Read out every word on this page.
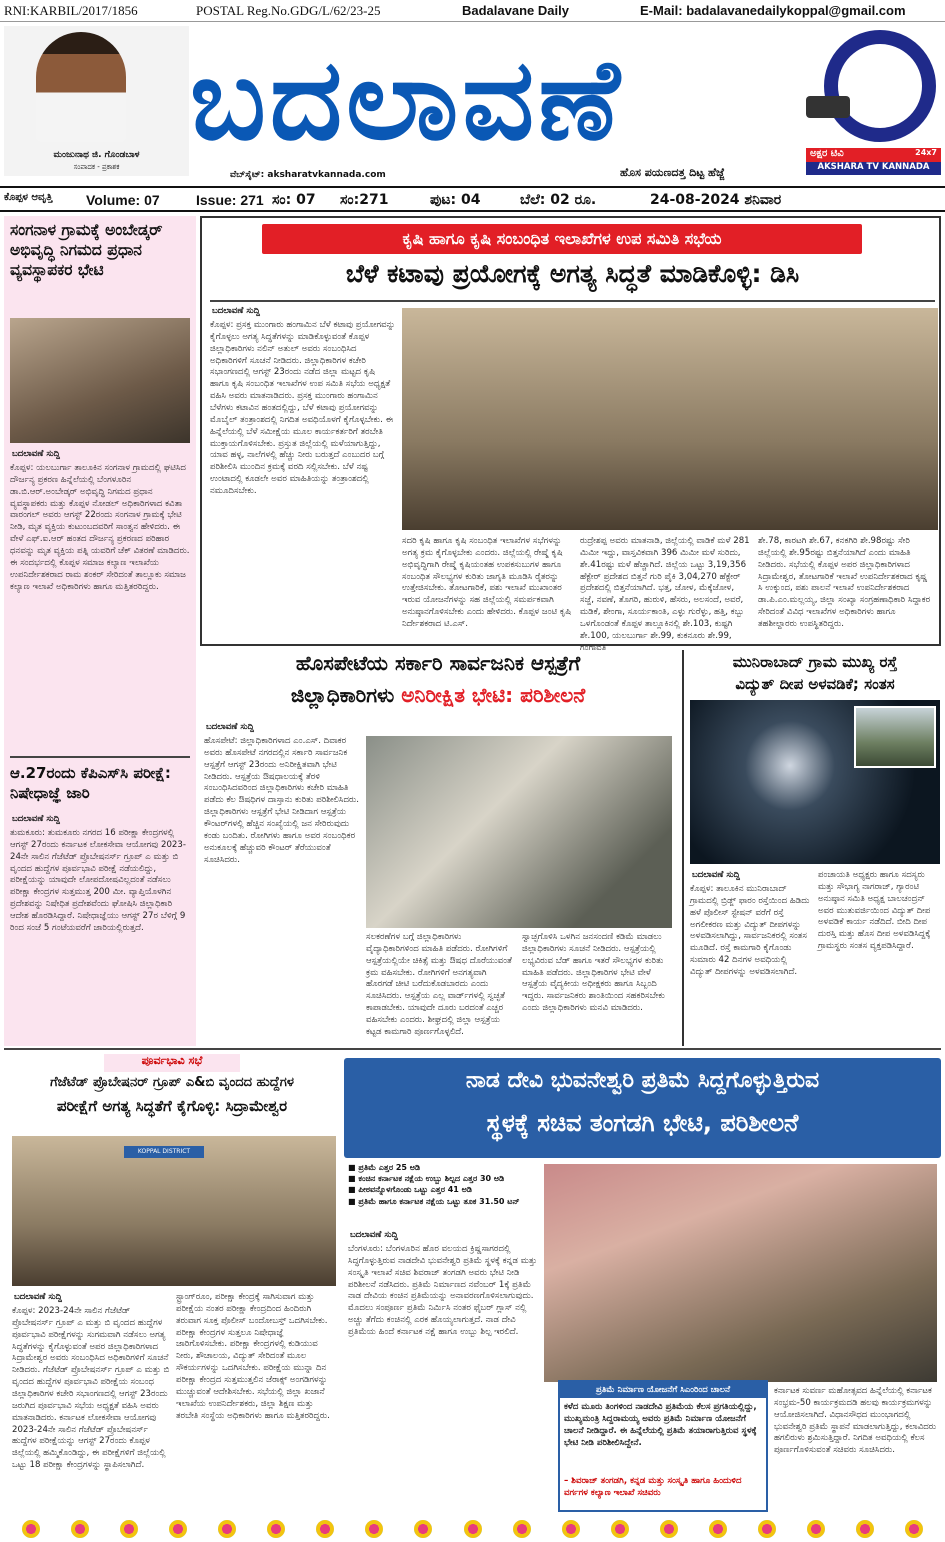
RNI:KARBIL/2017/1856	POSTAL Reg.No.GDG/L/62/23-25	Badalavane Daily	E-Mail: badalavanedailykoppal@gmail.com
ಮಂಜುನಾಥ ಜಿ. ಗೊಂಡಬಾಳ
ಸಂಪಾದಕ - ಪ್ರಕಾಶಕ
ಬದಲಾವಣೆ
ವೆಬ್‌ಸೈಟ್: aksharatvkannada.com	ಹೊಸ ಪಯಣದತ್ತ ದಿಟ್ಟ ಹೆಜ್ಜೆ
ಅಕ್ಷರ ಟಿವಿ	24x7
AKSHARA TV KANNADA
ಕೊಪ್ಪಳ ಆವೃತ್ತಿ Volume: 07	Issue: 271 ಸಂ: 07 ಸಂ:271	ಪುಟ: 04	ಬೆಲೆ: 02 ರೂ.	24-08-2024 ಶನಿವಾರ
ಸಂಗನಾಳ ಗ್ರಾಮಕ್ಕೆ ಅಂಬೇಡ್ಕರ್ ಅಭಿವೃದ್ಧಿ ನಿಗಮದ ಪ್ರಧಾನ ವ್ಯವಸ್ಥಾಪಕರ ಭೇಟಿ
ಬದಲಾವಣೆ ಸುದ್ದಿ
ಕೊಪ್ಪಳ: ಯಲಬುರ್ಗಾ ತಾಲೂಕಿನ ಸಂಗನಾಳ ಗ್ರಾಮದಲ್ಲಿ ಘಟಿಸಿದ ದೌರ್ಜನ್ಯ ಪ್ರಕರಣ ಹಿನ್ನೆಲೆಯಲ್ಲಿ ಬೆಂಗಳೂರಿನ ಡಾ.ಬಿ.ಆರ್.ಅಂಬೇಡ್ಕರ್ ಅಭಿವೃದ್ಧಿ ನಿಗಮದ ಪ್ರಧಾನ ವ್ಯವಸ್ಥಾಪಕರು ಮತ್ತು ಕೊಪ್ಪಳ ನೋಡಲ್ ಅಧಿಕಾರಿಗಳಾದ ಕವಿತಾ ವಾರಂಗಲ್ ಅವರು ಆಗಸ್ಟ್ 22ರಂದು ಸಂಗನಾಳ ಗ್ರಾಮಕ್ಕೆ ಭೇಟಿ ನೀಡಿ, ಮೃತ ವ್ಯಕ್ತಿಯ ಕುಟುಂಬದವರಿಗೆ ಸಾಂತ್ವನ ಹೇಳಿದರು. ಈ ವೇಳೆ ಎಫ್.ಐ.ಆರ್ ಹಂತದ ದೌರ್ಜನ್ಯ ಪ್ರಕರಣದ ಪರಿಹಾರ ಧನವನ್ನು ಮೃತ ವ್ಯಕ್ತಿಯ ಪತ್ನಿ ಯವರಿಗೆ ಚೆಕ್ ವಿತರಣೆ ಮಾಡಿದರು. ಈ ಸಂದರ್ಭದಲ್ಲಿ ಕೊಪ್ಪಳ ಸಮಾಜ ಕಲ್ಯಾಣ ಇಲಾಖೆಯ ಉಪನಿರ್ದೇಶಕರಾದ ರಾಮ ಶಂಕರ್ ಸೇರಿದಂತೆ ತಾಲ್ಲೂಕು ಸಮಾಜ ಕಲ್ಯಾಣ ಇಲಾಖೆ ಅಧಿಕಾರಿಗಳು ಹಾಗೂ ಮತ್ತಿತರರಿದ್ದರು.
ಆ.27ರಂದು ಕೆಪಿಎಸ್‌ಸಿ ಪರೀಕ್ಷೆ: ನಿಷೇಧಾಜ್ಞೆ ಜಾರಿ
ಬದಲಾವಣೆ ಸುದ್ದಿ
ತುಮಕೂರು: ತುಮಕೂರು ನಗರದ 16 ಪರೀಕ್ಷಾ ಕೇಂದ್ರಗಳಲ್ಲಿ ಆಗಸ್ಟ್ 27ರಂದು ಕರ್ನಾಟಕ ಲೋಕಸೇವಾ ಆಯೋಗವು 2023-24ನೇ ಸಾಲಿನ ಗೆಜೆಟೆಡ್ ಪ್ರೊಬೇಷನರ್ಸ್ ಗ್ರೂಪ್ ಎ ಮತ್ತು ಬಿ ವೃಂದದ ಹುದ್ದೆಗಳ ಪೂರ್ವಭಾವಿ ಪರೀಕ್ಷೆ ನಡೆಯಲಿದ್ದು, ಪರೀಕ್ಷೆಯನ್ನು ಯಾವುದೇ ಲೋಪದೋಷವಿಲ್ಲದಂತೆ ನಡೆಸಲು ಪರೀಕ್ಷಾ ಕೇಂದ್ರಗಳ ಸುತ್ತಮುತ್ತ 200 ಮೀ. ವ್ಯಾಪ್ತಿಯೊಳಗಿನ ಪ್ರದೇಶವನ್ನು ನಿಷೇಧಿತ ಪ್ರದೇಶವೆಂದು ಘೋಷಿಸಿ ಜಿಲ್ಲಾಧಿಕಾರಿ ಆದೇಶ ಹೊರಡಿಸಿದ್ದಾರೆ. ನಿಷೇಧಾಜ್ಞೆಯು ಆಗಸ್ಟ್ 27ರ ಬೆಳಿಗ್ಗೆ 9 ರಿಂದ ಸಂಜೆ 5 ಗಂಟೆಯವರೆಗೆ ಜಾರಿಯಲ್ಲಿರುತ್ತದೆ.
ಕೃಷಿ ಹಾಗೂ ಕೃಷಿ ಸಂಬಂಧಿತ ಇಲಾಖೆಗಳ ಉಪ ಸಮಿತಿ ಸಭೆಯ
ಬೆಳೆ ಕಟಾವು ಪ್ರಯೋಗಕ್ಕೆ ಅಗತ್ಯ ಸಿದ್ಧತೆ ಮಾಡಿಕೊಳ್ಳಿ: ಡಿಸಿ
ಬದಲಾವಣೆ ಸುದ್ದಿ
ಕೊಪ್ಪಳ: ಪ್ರಸಕ್ತ ಮುಂಗಾರು ಹಂಗಾಮಿನ ಬೆಳೆ ಕಟಾವು ಪ್ರಯೋಗವನ್ನು ಕೈಗೊಳ್ಳಲು ಅಗತ್ಯ ಸಿದ್ಧತೆಗಳನ್ನು ಮಾಡಿಕೊಳ್ಳುವಂತೆ ಕೊಪ್ಪಳ ಜಿಲ್ಲಾಧಿಕಾರಿಗಳು ನಲಿನ್ ಅತುಲ್ ಅವರು ಸಂಬಂಧಿಸಿದ ಅಧಿಕಾರಿಗಳಿಗೆ ಸೂಚನೆ ನೀಡಿದರು. ಜಿಲ್ಲಾಧಿಕಾರಿಗಳ ಕಚೇರಿ ಸಭಾಂಗಣದಲ್ಲಿ ಆಗಸ್ಟ್ 23ರಂದು ನಡೆದ ಜಿಲ್ಲಾ ಮಟ್ಟದ ಕೃಷಿ ಹಾಗೂ ಕೃಷಿ ಸಂಬಂಧಿತ ಇಲಾಖೆಗಳ ಉಪ ಸಮಿತಿ ಸಭೆಯ ಅಧ್ಯಕ್ಷತೆ ವಹಿಸಿ ಅವರು ಮಾತನಾಡಿದರು. ಪ್ರಸಕ್ತ ಮುಂಗಾರು ಹಂಗಾಮಿನ ಬೆಳೆಗಳು ಕಟಾವಿನ ಹಂತದಲ್ಲಿದ್ದು, ಬೆಳೆ ಕಟಾವು ಪ್ರಯೋಗವನ್ನು ಮೊಬೈಲ್ ತಂತ್ರಾಂಶದಲ್ಲಿ ನಿಗದಿತ ಅವಧಿಯೊಳಗೆ ಕೈಗೊಳ್ಳಬೇಕು. ಈ ಹಿನ್ನೆಲೆಯಲ್ಲಿ ಬೆಳೆ ಸಮೀಕ್ಷೆಯ ಮೂಲ ಕಾರ್ಯಕರ್ತರಿಗೆ ತರಬೇತಿ ಮುಕ್ತಾಯಗೊಳಿಸಬೇಕು. ಪ್ರಸ್ತುತ ಜಿಲ್ಲೆಯಲ್ಲಿ ಮಳೆಯಾಗುತ್ತಿದ್ದು, ಯಾವ ಹಳ್ಳ, ನಾಲೆಗಳಲ್ಲಿ ಹೆಚ್ಚು ನೀರು ಬರುತ್ತದೆ ಎಂಬುದರ ಬಗ್ಗೆ ಪರಿಶೀಲಿಸಿ ಮುಂದಿನ ಕ್ರಮಕ್ಕೆ ವರದಿ ಸಲ್ಲಿಸಬೇಕು. ಬೆಳೆ ನಷ್ಟ ಉಂಟಾದಲ್ಲಿ ಕೂಡಲೇ ಅವರ ಮಾಹಿತಿಯನ್ನು ತಂತ್ರಾಂಶದಲ್ಲಿ ನಮೂದಿಸಬೇಕು.
ಸದರಿ ಕೃಷಿ ಹಾಗೂ ಕೃಷಿ ಸಂಬಂಧಿತ ಇಲಾಖೆಗಳ ಸಭೆಗಳನ್ನು ಅಗತ್ಯ ಕ್ರಮ ಕೈಗೊಳ್ಳಬೇಕು ಎಂದರು. ಜಿಲ್ಲೆಯಲ್ಲಿ ರೇಷ್ಮೆ ಕೃಷಿ ಅಭಿವೃದ್ಧಿಗಾಗಿ ರೇಷ್ಮೆ ಕೃಷಿಯಂತಹ ಉಪಕಸುಬುಗಳ ಹಾಗೂ ಸಂಬಂಧಿತ ಸೌಲಭ್ಯಗಳ ಕುರಿತು ಜಾಗೃತಿ ಮೂಡಿಸಿ ರೈತರನ್ನು ಉತ್ತೇಜಿಸಬೇಕು. ತೋಟಗಾರಿಕೆ, ಪಶು ಇಲಾಖೆ ಮುಖಾಂತರ ಇರುವ ಯೋಜನೆಗಳನ್ನು ಸಹ ಜಿಲ್ಲೆಯಲ್ಲಿ ಸಮರ್ಪಕವಾಗಿ ಅನುಷ್ಠಾನಗೊಳಿಸಬೇಕು ಎಂದು ಹೇಳಿದರು. ಕೊಪ್ಪಳ ಜಂಟಿ ಕೃಷಿ ನಿರ್ದೇಶಕರಾದ ಟಿ.ಎಸ್.
ರುದ್ರೇಶಪ್ಪ ಅವರು ಮಾತನಾಡಿ, ಜಿಲ್ಲೆಯಲ್ಲಿ ವಾಡಿಕೆ ಮಳೆ 281 ಮಿಮೀ ಇದ್ದು, ವಾಸ್ತವಿಕವಾಗಿ 396 ಮಿಮೀ ಮಳೆ ಸುರಿದು, ಶೇ.41ರಷ್ಟು ಮಳೆ ಹೆಚ್ಚಾಗಿದೆ. ಜಿಲ್ಲೆಯ ಒಟ್ಟು 3,19,356 ಹೆಕ್ಟೇರ್ ಪ್ರದೇಶದ ಬಿತ್ತನೆ ಗುರಿ ಪೈಕಿ 3,04,270 ಹೆಕ್ಟೇರ್ ಪ್ರದೇಶದಲ್ಲಿ ಬಿತ್ತನೆಯಾಗಿದೆ. ಭತ್ತ, ಜೋಳ, ಮೆಕ್ಕೆಜೋಳ, ಸಜ್ಜೆ, ನವಣೆ, ತೊಗರಿ, ಹುರುಳಿ, ಹೆಸರು, ಅಲಸಂದೆ, ಅವರೆ, ಮಡಿಕೆ, ಶೇಂಗಾ, ಸೂರ್ಯಕಾಂತಿ, ಎಳ್ಳು ಗುರೆಳ್ಳು, ಹತ್ತಿ, ಕಬ್ಬು ಒಳಗೊಂಡಂತೆ ಕೊಪ್ಪಳ ತಾಲ್ಲೂಕಿನಲ್ಲಿ ಶೇ.103, ಕುಷ್ಟಗಿ ಶೇ.100, ಯಲಬುರ್ಗಾ ಶೇ.99, ಕುಕನೂರು ಶೇ.99, ಗಂಗಾವತಿ
ಶೇ.78, ಕಾರಟಗಿ ಶೇ.67, ಕನಕಗಿರಿ ಶೇ.98ರಷ್ಟು ಸೇರಿ ಜಿಲ್ಲೆಯಲ್ಲಿ ಶೇ.95ರಷ್ಟು ಬಿತ್ತನೆಯಾಗಿದೆ ಎಂದು ಮಾಹಿತಿ ನೀಡಿದರು. ಸಭೆಯಲ್ಲಿ ಕೊಪ್ಪಳ ಅಪರ ಜಿಲ್ಲಾಧಿಕಾರಿಗಳಾದ ಸಿದ್ರಾಮೇಶ್ವರ, ತೋಟಗಾರಿಕೆ ಇಲಾಖೆ ಉಪನಿರ್ದೇಶಕರಾದ ಕೃಷ್ಣ ಸಿ ಉಕ್ಕುಂದ, ಪಶು ಪಾಲನೆ ಇಲಾಖೆ ಉಪನಿರ್ದೇಶಕರಾದ ಡಾ.ಪಿ.ಎಂ.ಮಲ್ಲಯ್ಯ, ಜಿಲ್ಲಾ ಸಂಖ್ಯಾ ಸಂಗ್ರಹಣಾಧಿಕಾರಿ ಸಿದ್ದಾಕರ ಸೇರಿದಂತೆ ವಿವಿಧ ಇಲಾಖೆಗಳ ಅಧಿಕಾರಿಗಳು ಹಾಗೂ ತಹಶೀಲ್ದಾರರು ಉಪಸ್ಥಿತರಿದ್ದರು.
ಹೊಸಪೇಟೆಯ ಸರ್ಕಾರಿ ಸಾರ್ವಜನಿಕ ಆಸ್ಪತ್ರೆಗೆ
ಜಿಲ್ಲಾಧಿಕಾರಿಗಳು ಅನಿರೀಕ್ಷಿತ ಭೇಟಿ: ಪರಿಶೀಲನೆ
ಬದಲಾವಣೆ ಸುದ್ದಿ
ಹೊಸಪೇಟೆ: ಜಿಲ್ಲಾಧಿಕಾರಿಗಳಾದ ಎಂ.ಎಸ್. ದಿವಾಕರ ಅವರು ಹೊಸಪೇಟೆ ನಗರದಲ್ಲಿನ ಸರ್ಕಾರಿ ಸಾರ್ವಜನಿಕ ಆಸ್ಪತ್ರೆಗೆ ಆಗಸ್ಟ್ 23ರಂದು ಅನಿರೀಕ್ಷಿತವಾಗಿ ಭೇಟಿ ನೀಡಿದರು. ಆಸ್ಪತ್ರೆಯ ಔಷಧಾಲಯಕ್ಕೆ ತೆರಳಿ ಸಂಬಂಧಿಸಿದವರಿಂದ ಜಿಲ್ಲಾಧಿಕಾರಿಗಳು ಕಚೇರಿ ಮಾಹಿತಿ ಪಡೆದು ಕೆಲ ಔಷಧಿಗಳ ದಾಸ್ತಾನು ಕುರಿತು ಪರಿಶೀಲಿಸಿದರು. ಜಿಲ್ಲಾಧಿಕಾರಿಗಳು ಆಸ್ಪತ್ರೆಗೆ ಭೇಟಿ ನೀಡಿದಾಗ ಆಸ್ಪತ್ರೆಯ ಕೌಂಟರ್‌ಗಳಲ್ಲಿ ಹೆಚ್ಚಿನ ಸಂಖ್ಯೆಯಲ್ಲಿ ಜನ ಸೇರಿರುವುದು ಕಂಡು ಬಂದಿತು. ರೋಗಿಗಳು ಹಾಗೂ ಅವರ ಸಂಬಂಧಿಕರ ಅನುಕೂಲಕ್ಕೆ ಹೆಚ್ಚುವರಿ ಕೌಂಟರ್ ತೆರೆಯುವಂತೆ ಸೂಚಿಸಿದರು.
ಸಲಕರಣೆಗಳ ಬಗ್ಗೆ ಜಿಲ್ಲಾಧಿಕಾರಿಗಳು ವೈದ್ಯಾಧಿಕಾರಿಗಳಿಂದ ಮಾಹಿತಿ ಪಡೆದರು. ರೋಗಿಗಳಿಗೆ ಆಸ್ಪತ್ರೆಯಲ್ಲಿಯೇ ಚಿಕಿತ್ಸೆ ಮತ್ತು ಔಷಧ ದೊರೆಯುವಂತೆ ಕ್ರಮ ವಹಿಸಬೇಕು. ರೋಗಿಗಳಿಗೆ ಅನಗತ್ಯವಾಗಿ ಹೊರಗಡೆ ಚೀಟಿ ಬರೆದುಕೊಡಬಾರದು ಎಂದು ಸೂಚಿಸಿದರು. ಆಸ್ಪತ್ರೆಯ ಎಲ್ಲ ವಾರ್ಡ್‌ಗಳಲ್ಲಿ ಸ್ವಚ್ಛತೆ ಕಾಪಾಡಬೇಕು. ಯಾವುದೇ ದೂರು ಬರದಂತೆ ಎಚ್ಚರ ವಹಿಸಬೇಕು ಎಂದರು. ಶೀಘ್ರದಲ್ಲಿ ಜಿಲ್ಲಾ ಆಸ್ಪತ್ರೆಯ ಕಟ್ಟಡ ಕಾಮಗಾರಿ ಪೂರ್ಣಗೊಳ್ಳಲಿದೆ.
ಸ್ವಾಚ್ಛಗೊಳಿಸಿ ಒಳಗಿನ ಜನಸಂದಣಿ ಕಡಿಮೆ ಮಾಡಲು ಜಿಲ್ಲಾಧಿಕಾರಿಗಳು ಸೂಚನೆ ನೀಡಿದರು. ಆಸ್ಪತ್ರೆಯಲ್ಲಿ ಲಭ್ಯವಿರುವ ಬೆಡ್ ಹಾಗೂ ಇತರೆ ಸೌಲಭ್ಯಗಳ ಕುರಿತು ಮಾಹಿತಿ ಪಡೆದರು. ಜಿಲ್ಲಾಧಿಕಾರಿಗಳ ಭೇಟಿ ವೇಳೆ ಆಸ್ಪತ್ರೆಯ ವೈದ್ಯಕೀಯ ಅಧೀಕ್ಷಕರು ಹಾಗೂ ಸಿಬ್ಬಂದಿ ಇದ್ದರು. ಸಾರ್ವಜನಿಕರು ಶಾಂತಿಯಿಂದ ಸಹಕರಿಸಬೇಕು ಎಂದು ಜಿಲ್ಲಾಧಿಕಾರಿಗಳು ಮನವಿ ಮಾಡಿದರು.
ಮುನಿರಾಬಾದ್ ಗ್ರಾಮ ಮುಖ್ಯ ರಸ್ತೆ
ವಿದ್ಯುತ್ ದೀಪ ಅಳವಡಿಕೆ; ಸಂತಸ
ಬದಲಾವಣೆ ಸುದ್ದಿ
ಕೊಪ್ಪಳ: ತಾಲೂಕಿನ ಮುನಿರಾಬಾದ್ ಗ್ರಾಮದಲ್ಲಿ ಬ್ರಿಡ್ಜ್ ಫಾರಂ ರಸ್ತೆಯಿಂದ ಹಿಡಿದು ಹಳೆ ಪೊಲೀಸ್ ಸ್ಟೇಷನ್ ವರೆಗೆ ರಸ್ತೆ ಅಗಲೀಕರಣ ಮತ್ತು ವಿದ್ಯುತ್ ದೀಪಗಳನ್ನು ಅಳವಡಿಸಲಾಗಿದ್ದು, ಸಾರ್ವಜನಿಕರಲ್ಲಿ ಸಂತಸ ಮೂಡಿದೆ. ರಸ್ತೆ ಕಾಮಗಾರಿ ಕೈಗೊಂಡು ಸುಮಾರು 42 ದಿನಗಳ ಅವಧಿಯಲ್ಲಿ ವಿದ್ಯುತ್ ದೀಪಗಳನ್ನು ಅಳವಡಿಸಲಾಗಿದೆ.
ಪಂಚಾಯತಿ ಅಧ್ಯಕ್ಷರು ಹಾಗೂ ಸದಸ್ಯರು ಮತ್ತು ಸೌಭಾಗ್ಯ ನಾಗರಾಜ್, ಗ್ಯಾರಂಟಿ ಅನುಷ್ಠಾನ ಸಮಿತಿ ಅಧ್ಯಕ್ಷ ಬಾಲಚಂದ್ರನ್ ಅವರ ಮುತುವರ್ಜಿಯಿಂದ ವಿದ್ಯುತ್ ದೀಪ ಅಳವಡಿಕೆ ಕಾರ್ಯ ನಡೆದಿದೆ. ಬೀದಿ ದೀಪ ದುರಸ್ತಿ ಮತ್ತು ಹೊಸ ದೀಪ ಅಳವಡಿಸಿದ್ದಕ್ಕೆ ಗ್ರಾಮಸ್ಥರು ಸಂತಸ ವ್ಯಕ್ತಪಡಿಸಿದ್ದಾರೆ.
ಪೂರ್ವಭಾವಿ ಸಭೆ
ಗೆಜೆಟೆಡ್ ಪ್ರೊಬೇಷನರ್ ಗ್ರೂಪ್ ಎ&ಬಿ ವೃಂದದ ಹುದ್ದೆಗಳ
ಪರೀಕ್ಷೆಗೆ ಅಗತ್ಯ ಸಿದ್ಧತೆಗೆ ಕೈಗೊಳ್ಳಿ: ಸಿದ್ರಾಮೇಶ್ವರ
KOPPAL DISTRICT
ಬದಲಾವಣೆ ಸುದ್ದಿ
ಕೊಪ್ಪಳ: 2023-24ನೇ ಸಾಲಿನ ಗೆಜೆಟೆಡ್ ಪ್ರೊಬೇಷನರ್ಸ್ ಗ್ರೂಪ್ ಎ ಮತ್ತು ಬಿ ವೃಂದದ ಹುದ್ದೆಗಳ ಪೂರ್ವಭಾವಿ ಪರೀಕ್ಷೆಗಳನ್ನು ಸುಗಮವಾಗಿ ನಡೆಸಲು ಅಗತ್ಯ ಸಿದ್ಧತೆಗಳನ್ನು ಕೈಗೊಳ್ಳುವಂತೆ ಅಪರ ಜಿಲ್ಲಾಧಿಕಾರಿಗಳಾದ ಸಿದ್ರಾಮೇಶ್ವರ ಅವರು ಸಂಬಂಧಿಸಿದ ಅಧಿಕಾರಿಗಳಿಗೆ ಸೂಚನೆ ನೀಡಿದರು. ಗೆಜೆಟೆಡ್ ಪ್ರೊಬೇಷನರ್ಸ್ ಗ್ರೂಪ್ ಎ ಮತ್ತು ಬಿ ವೃಂದದ ಹುದ್ದೆಗಳ ಪೂರ್ವಭಾವಿ ಪರೀಕ್ಷೆಯ ಸಂಬಂಧ ಜಿಲ್ಲಾಧಿಕಾರಿಗಳ ಕಚೇರಿ ಸಭಾಂಗಣದಲ್ಲಿ ಆಗಸ್ಟ್ 23ರಂದು ಜರುಗಿದ ಪೂರ್ವಭಾವಿ ಸಭೆಯ ಅಧ್ಯಕ್ಷತೆ ವಹಿಸಿ ಅವರು ಮಾತನಾಡಿದರು. ಕರ್ನಾಟಕ ಲೋಕಸೇವಾ ಆಯೋಗವು 2023-24ನೇ ಸಾಲಿನ ಗೆಜೆಟೆಡ್ ಪ್ರೊಬೇಷನರ್ಸ್ ಹುದ್ದೆಗಳ ಪರೀಕ್ಷೆಯನ್ನು ಆಗಸ್ಟ್ 27ರಂದು ಕೊಪ್ಪಳ ಜಿಲ್ಲೆಯಲ್ಲಿ ಹಮ್ಮಿಕೊಂಡಿದ್ದು, ಈ ಪರೀಕ್ಷೆಗಳಿಗೆ ಜಿಲ್ಲೆಯಲ್ಲಿ ಒಟ್ಟು 18 ಪರೀಕ್ಷಾ ಕೇಂದ್ರಗಳನ್ನು ಸ್ಥಾಪಿಸಲಾಗಿದೆ.
ಸ್ಟ್ರಾಂಗ್‌ರೂಂ, ಪರೀಕ್ಷಾ ಕೇಂದ್ರಕ್ಕೆ ಸಾಗಿಸುವಾಗ ಮತ್ತು ಪರೀಕ್ಷೆಯ ನಂತರ ಪರೀಕ್ಷಾ ಕೇಂದ್ರದಿಂದ ಹಿಂದಿರುಗಿ ತರುವಾಗ ಸೂಕ್ತ ಪೊಲೀಸ್ ಬಂದೋಬಸ್ತ್ ಒದಗಿಸಬೇಕು. ಪರೀಕ್ಷಾ ಕೇಂದ್ರಗಳ ಸುತ್ತಲೂ ನಿಷೇಧಾಜ್ಞೆ ಜಾರಿಗೊಳಿಸಬೇಕು. ಪರೀಕ್ಷಾ ಕೇಂದ್ರಗಳಲ್ಲಿ ಕುಡಿಯುವ ನೀರು, ಶೌಚಾಲಯ, ವಿದ್ಯುತ್ ಸೇರಿದಂತೆ ಮೂಲ ಸೌಕರ್ಯಗಳನ್ನು ಒದಗಿಸಬೇಕು. ಪರೀಕ್ಷೆಯ ಮುನ್ನಾ ದಿನ ಪರೀಕ್ಷಾ ಕೇಂದ್ರದ ಸುತ್ತಮುತ್ತಲಿನ ಜೆರಾಕ್ಸ್ ಅಂಗಡಿಗಳನ್ನು ಮುಚ್ಚುವಂತೆ ಆದೇಶಿಸಬೇಕು. ಸಭೆಯಲ್ಲಿ ಜಿಲ್ಲಾ ಖಜಾನೆ ಇಲಾಖೆಯ ಉಪನಿರ್ದೇಶಕರು, ಜಿಲ್ಲಾ ಶಿಕ್ಷಣ ಮತ್ತು ತರಬೇತಿ ಸಂಸ್ಥೆಯ ಅಧಿಕಾರಿಗಳು ಹಾಗೂ ಮತ್ತಿತರರಿದ್ದರು.
ನಾಡ ದೇವಿ ಭುವನೇಶ್ವರಿ ಪ್ರತಿಮೆ ಸಿದ್ದಗೊಳ್ಳುತ್ತಿರುವ
ಸ್ಥಳಕ್ಕೆ ಸಚಿವ ತಂಗಡಗಿ ಭೇಟಿ, ಪರಿಶೀಲನೆ
■ ಪ್ರತಿಮೆ ಎತ್ತರ 25 ಅಡಿ
■ ಕಂಚಿನ ಕರ್ನಾಟಕ ನಕ್ಷೆಯ ಉಬ್ಬು ಶಿಲ್ಪದ ಎತ್ತರ 30 ಅಡಿ
■ ಪೀಠವನ್ನೊಳಗೊಂಡು ಒಟ್ಟು ಎತ್ತರ 41 ಅಡಿ
■ ಪ್ರತಿಮೆ ಹಾಗೂ ಕರ್ನಾಟಕ ನಕ್ಷೆಯ ಒಟ್ಟು ತೂಕ 31.50 ಟನ್
ಬದಲಾವಣೆ ಸುದ್ದಿ
ಬೆಂಗಳೂರು: ಬೆಂಗಳೂರಿನ ಹೊರ ವಲಯದ ಕ್ರಿಷ್ಣಸಾಗರದಲ್ಲಿ ಸಿದ್ಧಗೊಳ್ಳುತ್ತಿರುವ ನಾಡದೇವಿ ಭುವನೇಶ್ವರಿ ಪ್ರತಿಮೆ ಸ್ಥಳಕ್ಕೆ ಕನ್ನಡ ಮತ್ತು ಸಂಸ್ಕೃತಿ ಇಲಾಖೆ ಸಚಿವ ಶಿವರಾಜ್ ತಂಗಡಗಿ ಅವರು ಭೇಟಿ ನೀಡಿ ಪರಿಶೀಲನೆ ನಡೆಸಿದರು. ಪ್ರತಿಮೆ ನಿರ್ಮಾಣದ ನವೆಂಬರ್ 1ಕ್ಕೆ ಪ್ರತಿಮೆ ನಾಡ ದೇವಿಯ ಕಂಚಿನ ಪ್ರತಿಮೆಯನ್ನು ಅನಾವರಣಗೊಳಿಸಲಾಗುವುದು. ಮೊದಲು ಸಂಪೂರ್ಣ ಪ್ರತಿಮೆ ನಿರ್ಮಿಸಿ ನಂತರ ಫೈಬರ್ ಗ್ಲಾಸ್ ನಲ್ಲಿ ಅಚ್ಚು ತೆಗೆದು ಕಂಚಿನಲ್ಲಿ ಎರಕ ಹೊಯ್ಯಲಾಗುತ್ತದೆ. ನಾಡ ದೇವಿ ಪ್ರತಿಮೆಯ ಹಿಂದೆ ಕರ್ನಾಟಕ ನಕ್ಷೆ ಹಾಗೂ ಉಬ್ಬು ಶಿಲ್ಪ ಇರಲಿದೆ.
ಪ್ರತಿಮೆ ನಿರ್ಮಾಣ ಯೋಜನೆಗೆ ಸಿಎಂರಿಂದ ಚಾಲನೆ
ಕಳೆದ ಮೂರು ತಿಂಗಳಿಂದ ನಾಡದೇವಿ ಪ್ರತಿಮೆಯ ಕೆಲಸ ಪ್ರಗತಿಯಲ್ಲಿದ್ದು, ಮುಖ್ಯಮಂತ್ರಿ ಸಿದ್ದರಾಮಯ್ಯ ಅವರು ಪ್ರತಿಮೆ ನಿರ್ಮಾಣ ಯೋಜನೆಗೆ ಚಾಲನೆ ನೀಡಿದ್ದಾರೆ. ಈ ಹಿನ್ನೆಲೆಯಲ್ಲಿ ಪ್ರತಿಮೆ ತಯಾರಾಗುತ್ತಿರುವ ಸ್ಥಳಕ್ಕೆ ಭೇಟಿ ನೀಡಿ ಪರಿಶೀಲಿಸಿದ್ದೇನೆ.
– ಶಿವರಾಜ್ ತಂಗಡಗಿ, ಕನ್ನಡ ಮತ್ತು ಸಂಸ್ಕೃತಿ ಹಾಗೂ ಹಿಂದುಳಿದ ವರ್ಗಗಳ ಕಲ್ಯಾಣ ಇಲಾಖೆ ಸಚಿವರು
ಕರ್ನಾಟಕ ಸುವರ್ಣ ಮಹೋತ್ಸವದ ಹಿನ್ನೆಲೆಯಲ್ಲಿ ಕರ್ನಾಟಕ ಸಂಭ್ರಮ-50 ಕಾರ್ಯಕ್ರಮದಡಿ ಹಲವು ಕಾರ್ಯಕ್ರಮಗಳನ್ನು ಆಯೋಜಿಸಲಾಗಿದೆ. ವಿಧಾನಸೌಧದ ಮುಂಭಾಗದಲ್ಲಿ ಭುವನೇಶ್ವರಿ ಪ್ರತಿಮೆ ಸ್ಥಾಪನೆ ಮಾಡಲಾಗುತ್ತಿದ್ದು, ಕಲಾವಿದರು ಹಗಲಿರುಳು ಶ್ರಮಿಸುತ್ತಿದ್ದಾರೆ. ನಿಗದಿತ ಅವಧಿಯಲ್ಲಿ ಕೆಲಸ ಪೂರ್ಣಗೊಳಿಸುವಂತೆ ಸಚಿವರು ಸೂಚಿಸಿದರು.
